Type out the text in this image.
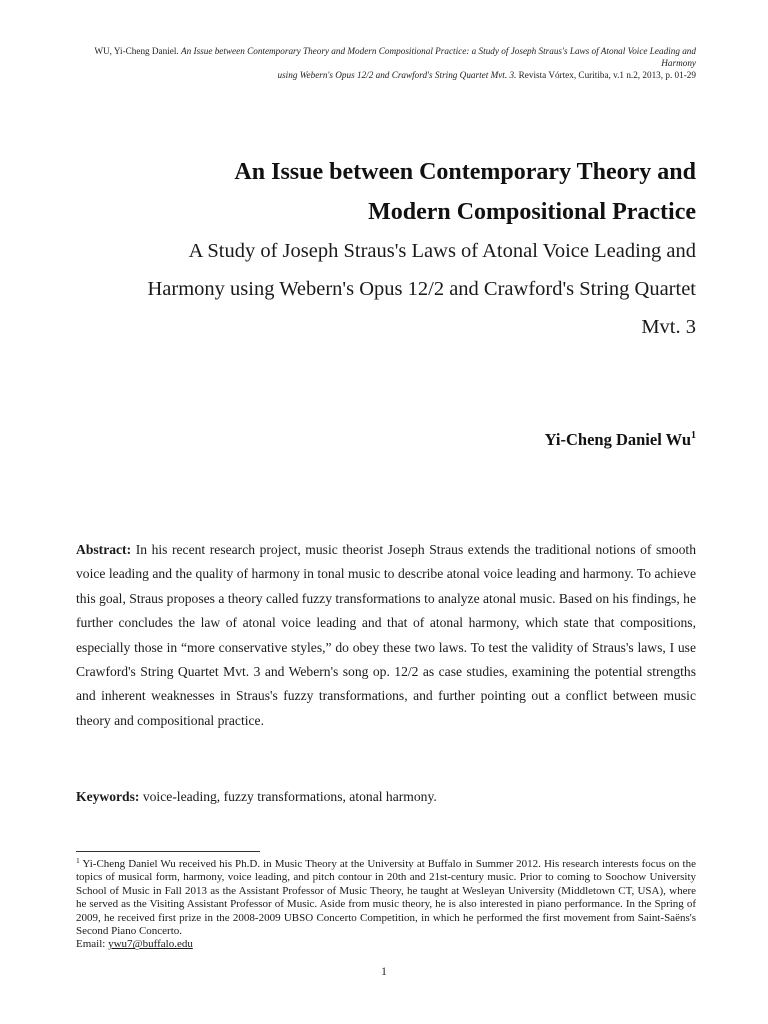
WU, Yi-Cheng Daniel. An Issue between Contemporary Theory and Modern Compositional Practice: a Study of Joseph Straus's Laws of Atonal Voice Leading and Harmony
using Webern's Opus 12/2 and Crawford's String Quartet Mvt. 3. Revista Vórtex, Curitiba, v.1 n.2, 2013, p. 01-29

An Issue between Contemporary Theory and

Modern Compositional Practice

A Study of Joseph Straus's Laws of Atonal Voice Leading and

Harmony using Webern's Opus 12/2 and Crawford's String Quartet

Mvt. 3

Yi-Cheng Daniel Wu$^1$
Abstract: In his recent research project, music theorist Joseph Straus extends the traditional notions of smooth voice leading and the quality of harmony in tonal music to describe atonal voice leading and harmony. To achieve this goal, Straus proposes a theory called fuzzy transformations to analyze atonal music. Based on his findings, he further concludes the law of atonal voice leading and that of atonal harmony, which state that compositions, especially those in “more conservative styles,” do obey these two laws. To test the validity of Straus's laws, I use Crawford's String Quartet Mvt. 3 and Webern's song op. 12/2 as case studies, examining the potential strengths and inherent weaknesses in Straus's fuzzy transformations, and further pointing out a conflict between music theory and compositional practice.
Keywords: voice-leading, fuzzy transformations, atonal harmony.
$^1$ Yi-Cheng Daniel Wu received his Ph.D. in Music Theory at the University at Buffalo in Summer 2012. His research interests focus on the topics of musical form, harmony, voice leading, and pitch contour in 20th and 21st-century music. Prior to coming to Soochow University School of Music in Fall 2013 as the Assistant Professor of Music Theory, he taught at Wesleyan University (Middletown CT, USA), where he served as the Visiting Assistant Professor of Music. Aside from music theory, he is also interested in piano performance. In the Spring of 2009, he received first prize in the 2008-2009 UBSO Concerto Competition, in which he performed the first movement from Saint-Saëns's Second Piano Concerto.
Email: ywu7@buffalo.edu
1
